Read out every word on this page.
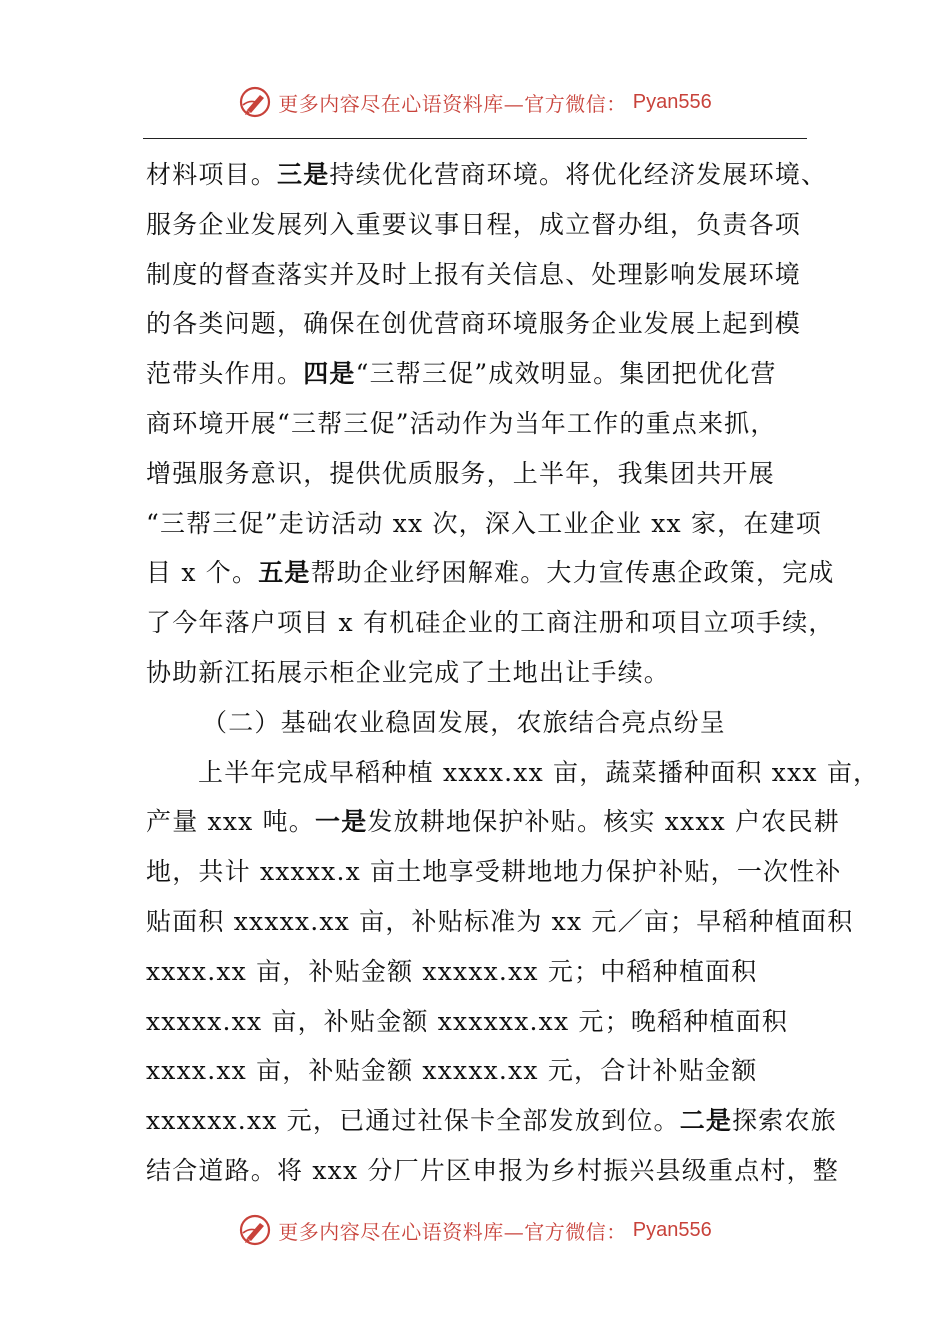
更多内容尽在心语资料库—官方微信： Pyan556
材料项目。三是持续优化营商环境。将优化经济发展环境、
服务企业发展列入重要议事日程，成立督办组，负责各项
制度的督查落实并及时上报有关信息、处理影响发展环境
的各类问题，确保在创优营商环境服务企业发展上起到模
范带头作用。四是“三帮三促”成效明显。集团把优化营
商环境开展“三帮三促”活动作为当年工作的重点来抓，
增强服务意识，提供优质服务，上半年，我集团共开展
“三帮三促”走访活动 xx 次，深入工业企业 xx 家，在建项
目 x 个。五是帮助企业纾困解难。大力宣传惠企政策，完成
了今年落户项目 x 有机硅企业的工商注册和项目立项手续，
协助新江拓展示柜企业完成了土地出让手续。
（二）基础农业稳固发展，农旅结合亮点纷呈
上半年完成早稻种植 xxxx.xx 亩，蔬菜播种面积 xxx 亩，
产量 xxx 吨。一是发放耕地保护补贴。核实 xxxx 户农民耕
地，共计 xxxxx.x 亩土地享受耕地地力保护补贴，一次性补
贴面积 xxxxx.xx 亩，补贴标准为 xx 元／亩；早稻种植面积
xxxx.xx 亩，补贴金额 xxxxx.xx 元；中稻种植面积
xxxxx.xx 亩，补贴金额 xxxxxx.xx 元；晚稻种植面积
xxxx.xx 亩，补贴金额 xxxxx.xx 元，合计补贴金额
xxxxxx.xx 元，已通过社保卡全部发放到位。二是探索农旅
结合道路。将 xxx 分厂片区申报为乡村振兴县级重点村，整
更多内容尽在心语资料库—官方微信： Pyan556
